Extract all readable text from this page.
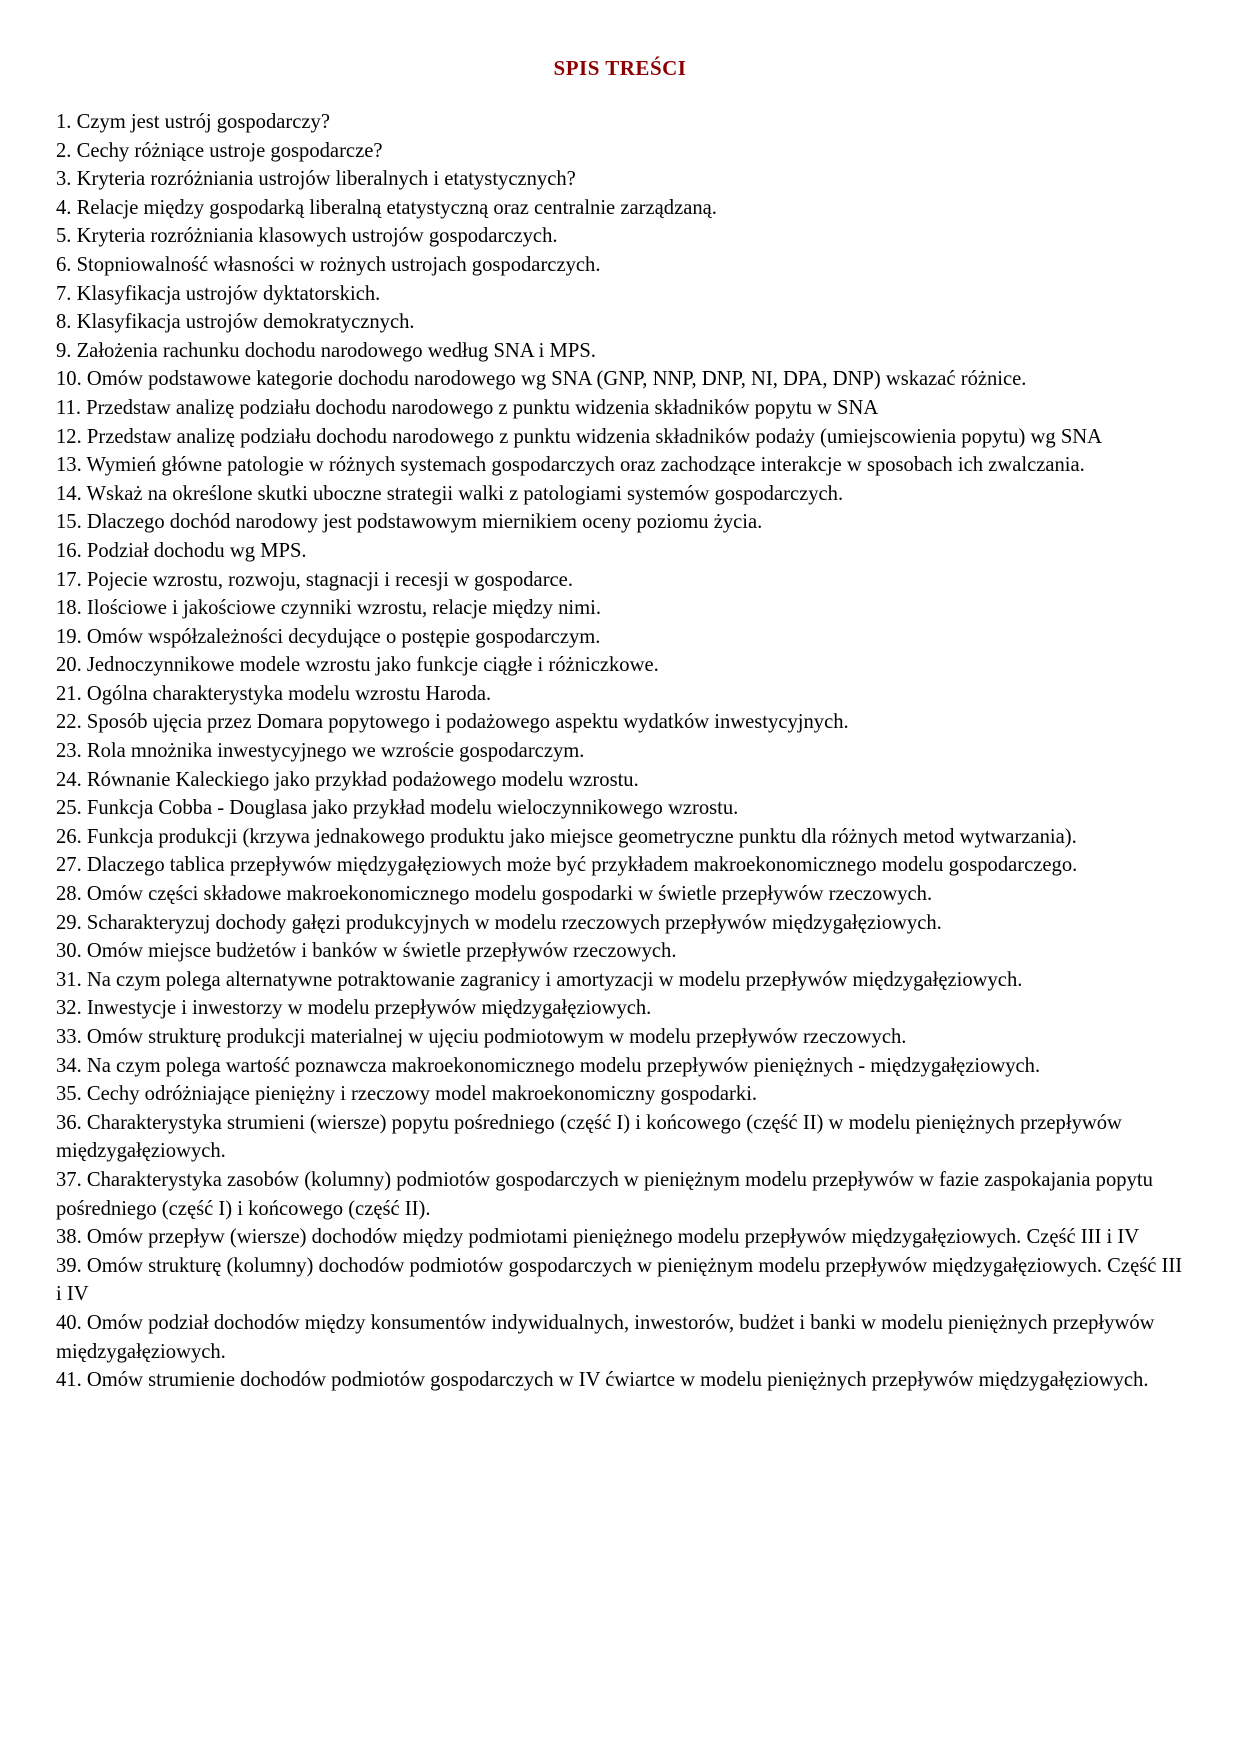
SPIS TREŚCI
1. Czym jest ustrój gospodarczy?
2. Cechy różniące ustroje gospodarcze?
3. Kryteria rozróżniania ustrojów liberalnych i etatystycznych?
4. Relacje między gospodarką liberalną etatystyczną oraz centralnie zarządzaną.
5. Kryteria rozróżniania klasowych ustrojów gospodarczych.
6. Stopniowalność własności w rożnych ustrojach gospodarczych.
7. Klasyfikacja ustrojów dyktatorskich.
8. Klasyfikacja ustrojów demokratycznych.
9. Założenia rachunku dochodu narodowego według SNA i MPS.
10. Omów podstawowe kategorie dochodu narodowego wg SNA (GNP, NNP, DNP, NI, DPA, DNP) wskazać różnice.
11. Przedstaw analizę podziału dochodu narodowego z punktu widzenia składników popytu w SNA
12. Przedstaw analizę podziału dochodu narodowego z punktu widzenia składników podaży (umiejscowienia popytu) wg SNA
13. Wymień główne patologie w różnych systemach gospodarczych oraz zachodzące interakcje w sposobach ich zwalczania.
14. Wskaż na określone skutki uboczne strategii walki z patologiami systemów gospodarczych.
15. Dlaczego dochód narodowy jest podstawowym miernikiem oceny poziomu życia.
16. Podział dochodu wg MPS.
17. Pojecie wzrostu, rozwoju, stagnacji i recesji w gospodarce.
18. Ilościowe i jakościowe czynniki wzrostu, relacje między nimi.
19. Omów współzależności decydujące o postępie gospodarczym.
20. Jednoczynnikowe modele wzrostu jako funkcje ciągłe i różniczkowe.
21. Ogólna charakterystyka modelu wzrostu Haroda.
22. Sposób ujęcia przez Domara popytowego i podażowego aspektu wydatków inwestycyjnych.
23. Rola mnożnika inwestycyjnego we wzroście gospodarczym.
24. Równanie Kaleckiego jako przykład podażowego modelu wzrostu.
25. Funkcja Cobba - Douglasa jako przykład modelu wieloczynnikowego wzrostu.
26. Funkcja produkcji (krzywa jednakowego produktu jako miejsce geometryczne punktu dla różnych metod wytwarzania).
27. Dlaczego tablica przepływów międzygałęziowych może być przykładem makroekonomicznego modelu gospodarczego.
28. Omów części składowe makroekonomicznego modelu gospodarki w świetle przepływów rzeczowych.
29. Scharakteryzuj dochody gałęzi produkcyjnych w modelu rzeczowych przepływów międzygałęziowych.
30. Omów miejsce budżetów i banków w świetle przepływów rzeczowych.
31. Na czym polega alternatywne potraktowanie zagranicy i amortyzacji w modelu przepływów międzygałęziowych.
32. Inwestycje i inwestorzy w modelu przepływów międzygałęziowych.
33. Omów strukturę produkcji materialnej w ujęciu podmiotowym w modelu przepływów rzeczowych.
34. Na czym polega wartość poznawcza makroekonomicznego modelu przepływów pieniężnych - międzygałęziowych.
35. Cechy odróżniające pieniężny i rzeczowy model makroekonomiczny gospodarki.
36. Charakterystyka strumieni (wiersze) popytu pośredniego (część I) i końcowego (część II) w modelu pieniężnych przepływów międzygałęziowych.
37. Charakterystyka zasobów (kolumny) podmiotów gospodarczych w pieniężnym modelu przepływów w fazie zaspokajania popytu pośredniego (część I) i końcowego (część II).
38. Omów przepływ (wiersze) dochodów między podmiotami pieniężnego modelu przepływów międzygałęziowych. Część III i IV
39. Omów strukturę (kolumny) dochodów podmiotów gospodarczych w pieniężnym modelu przepływów międzygałęziowych. Część III i IV
40. Omów podział dochodów między konsumentów indywidualnych, inwestorów, budżet i banki w modelu pieniężnych przepływów międzygałęziowych.
41. Omów strumienie dochodów podmiotów gospodarczych w IV ćwiartce w modelu pieniężnych przepływów międzygałęziowych.
